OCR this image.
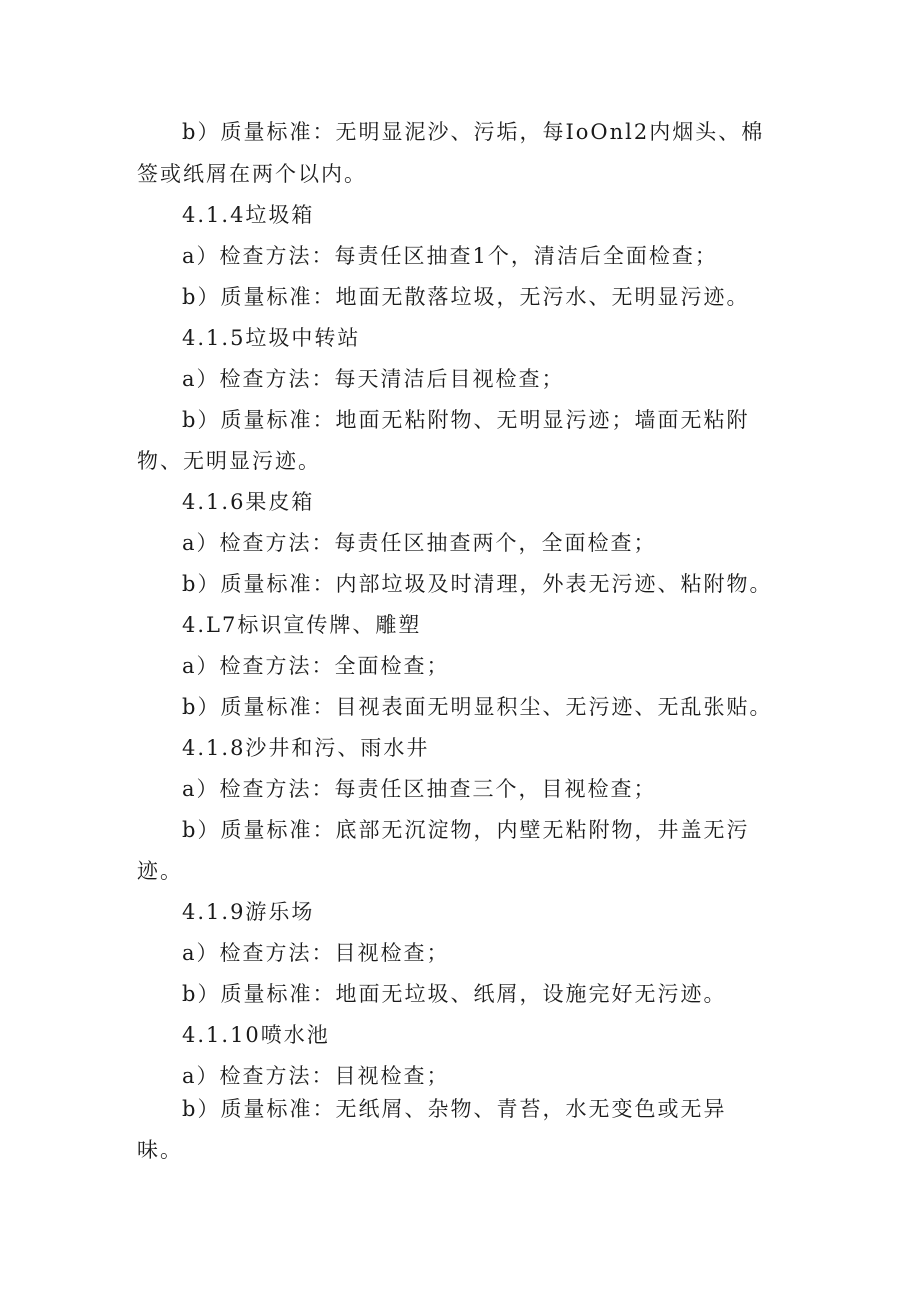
b）质量标准：无明显泥沙、污垢，每IoOnl2内烟头、棉
签或纸屑在两个以内。
4.1.4垃圾箱
a）检查方法：每责任区抽查1个，清洁后全面检查；
b）质量标准：地面无散落垃圾，无污水、无明显污迹。
4.1.5垃圾中转站
a）检查方法：每天清洁后目视检查；
b）质量标准：地面无粘附物、无明显污迹；墙面无粘附
物、无明显污迹。
4.1.6果皮箱
a）检查方法：每责任区抽查两个，全面检查；
b）质量标准：内部垃圾及时清理，外表无污迹、粘附物。
4.L7标识宣传牌、雕塑
a）检查方法：全面检查；
b）质量标准：目视表面无明显积尘、无污迹、无乱张贴。
4.1.8沙井和污、雨水井
a）检查方法：每责任区抽查三个，目视检查；
b）质量标准：底部无沉淀物，内壁无粘附物，井盖无污
迹。
4.1.9游乐场
a）检查方法：目视检查；
b）质量标准：地面无垃圾、纸屑，设施完好无污迹。
4.1.10喷水池
a）检查方法：目视检查；
b）质量标准：无纸屑、杂物、青苔，水无变色或无异
味。
